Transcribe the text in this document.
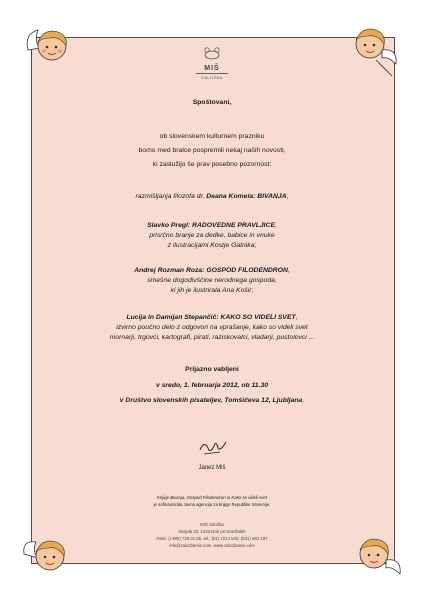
MIŠ
ZALOŽBA
Spoštovani,
ob slovenskem kulturnem prazniku
bomo med bralce pospremili nekaj naših novosti,
ki zaslužijo še prav posebno pozornost:
razmišljanja filozofa dr. Deana Komela: BIVANJA;
Slavko Pregl: RADOVEDNE PRAVLJICE,
prisrčno branje za dedke, babice in vnuke
z ilustracijami Kostje Gatnika;
Andrej Rozman Roza: GOSPOD FILODENDRON,
smešne dogodivščine nerodnega gospoda,
ki jih je ilustrirala Ana Košir;
Lucija in Damijan Stepančič: KAKO SO VIDELI SVET,
izvirno poučno delo z odgovori na vprašanje, kako so videli svet
mornarji, trgovci, kartografi, pirati, raziskovalci, vladarji, pustolovci ...
Prijazno vabljeni
v sredo, 1. februarja 2012, ob 11.30
v Društvo slovenskih pisateljev, Tomšičeva 12, Ljubljana.
Janez Miš
Knjige Bivanja, Gospod Filodendron in Kako so videli svet
je sofinancirala Javna agencija za knjigo Republike Slovenije.
MIŠ založba
Gerjula 33, 1233 Dob pri Domžalah
Faks: (+386) 729 31 65, tel.: (01) 7214 540, (041) 684 187
info@zalozbamis.com, www.zalozbamis.com
